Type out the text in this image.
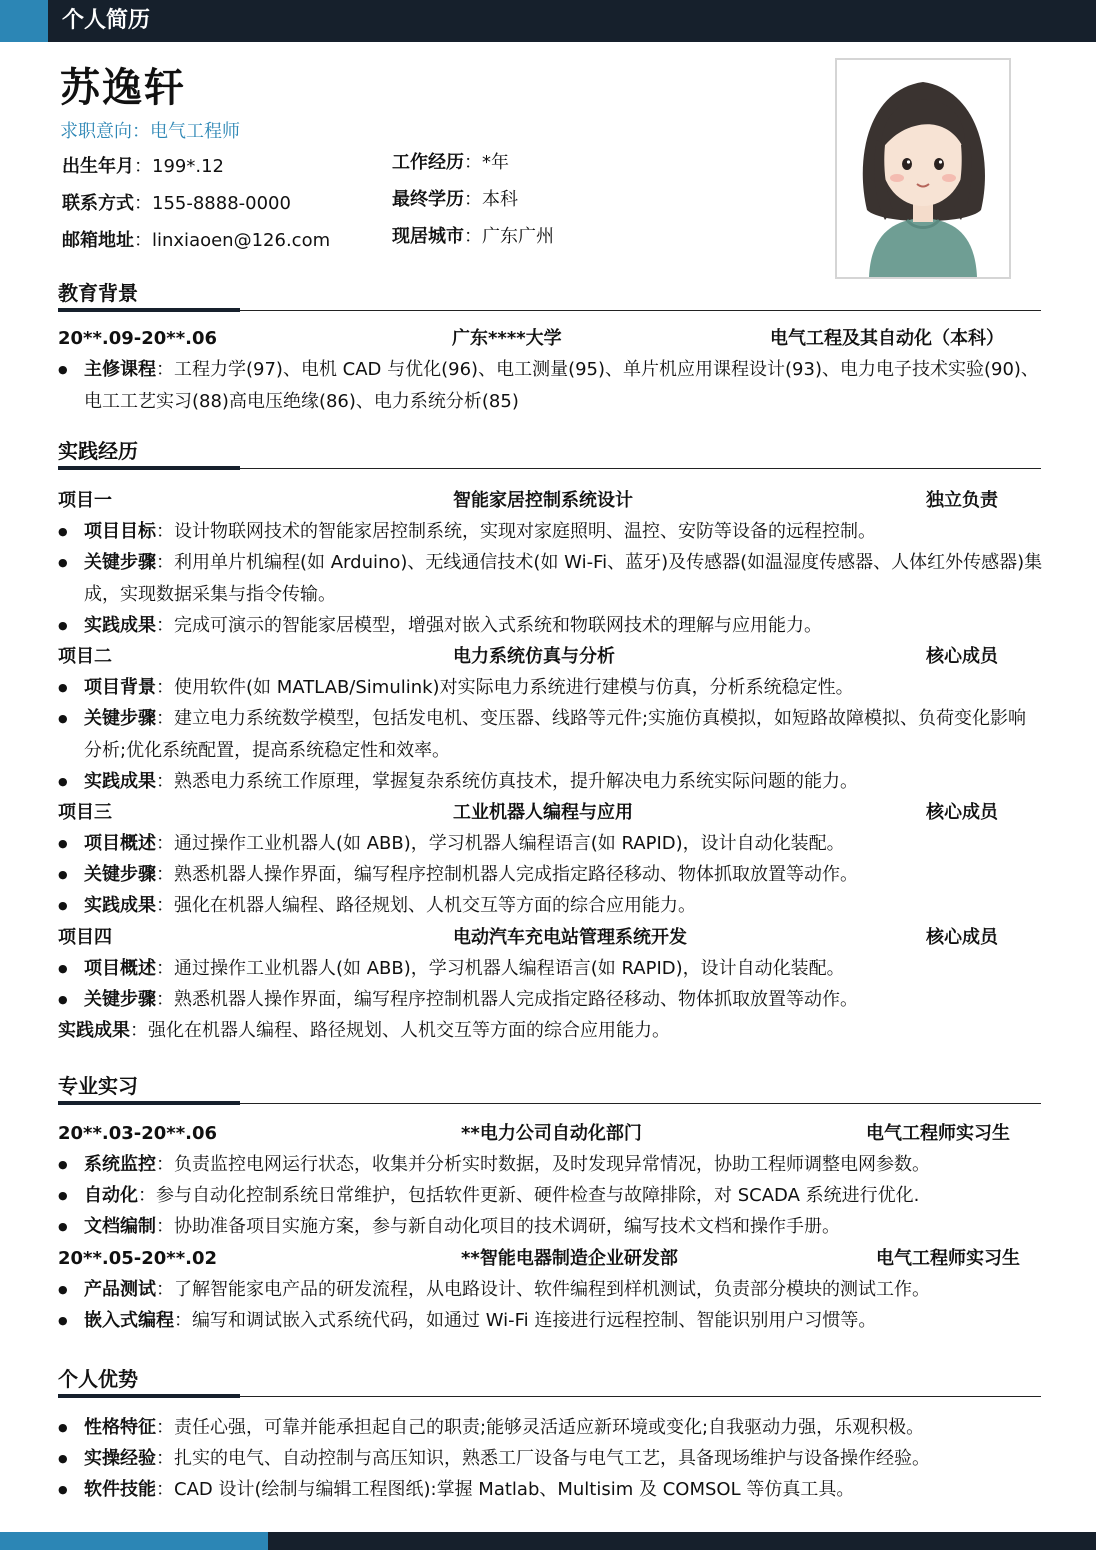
个人简历
苏逸轩
求职意向：电气工程师
出生年月：199*.12
联系方式：155-8888-0000
邮箱地址：linxiaoen@126.com
工作经历：*年
最终学历：本科
现居城市：广东广州
教育背景
20**.09-20**.06	广东****大学	电气工程及其自动化（本科）
● 主修课程：工程力学(97)、电机 CAD 与优化(96)、电工测量(95)、单片机应用课程设计(93)、电力电子技术实验(90)、电工工艺实习(88)高电压绝缘(86)、电力系统分析(85)
实践经历
项目一	智能家居控制系统设计	独立负责
● 项目目标：设计物联网技术的智能家居控制系统，实现对家庭照明、温控、安防等设备的远程控制。
● 关键步骤：利用单片机编程(如 Arduino)、无线通信技术(如 Wi-Fi、蓝牙)及传感器(如温湿度传感器、人体红外传感器)集成，实现数据采集与指令传输。
● 实践成果：完成可演示的智能家居模型，增强对嵌入式系统和物联网技术的理解与应用能力。
项目二	电力系统仿真与分析	核心成员
● 项目背景：使用软件(如 MATLAB/Simulink)对实际电力系统进行建模与仿真，分析系统稳定性。
● 关键步骤：建立电力系统数学模型，包括发电机、变压器、线路等元件;实施仿真模拟，如短路故障模拟、负荷变化影响分析;优化系统配置，提高系统稳定性和效率。
● 实践成果：熟悉电力系统工作原理，掌握复杂系统仿真技术，提升解决电力系统实际问题的能力。
项目三	工业机器人编程与应用	核心成员
● 项目概述：通过操作工业机器人(如 ABB)，学习机器人编程语言(如 RAPID)，设计自动化装配。
● 关键步骤：熟悉机器人操作界面，编写程序控制机器人完成指定路径移动、物体抓取放置等动作。
● 实践成果：强化在机器人编程、路径规划、人机交互等方面的综合应用能力。
项目四	电动汽车充电站管理系统开发	核心成员
● 项目概述：通过操作工业机器人(如 ABB)，学习机器人编程语言(如 RAPID)，设计自动化装配。
● 关键步骤：熟悉机器人操作界面，编写程序控制机器人完成指定路径移动、物体抓取放置等动作。
实践成果：强化在机器人编程、路径规划、人机交互等方面的综合应用能力。
专业实习
20**.03-20**.06	**电力公司自动化部门	电气工程师实习生
● 系统监控：负责监控电网运行状态，收集并分析实时数据，及时发现异常情况，协助工程师调整电网参数。
● 自动化：参与自动化控制系统日常维护，包括软件更新、硬件检查与故障排除，对 SCADA 系统进行优化.
● 文档编制：协助准备项目实施方案，参与新自动化项目的技术调研，编写技术文档和操作手册。
20**.05-20**.02	**智能电器制造企业研发部	电气工程师实习生
● 产品测试：了解智能家电产品的研发流程，从电路设计、软件编程到样机测试，负责部分模块的测试工作。
● 嵌入式编程：编写和调试嵌入式系统代码，如通过 Wi-Fi 连接进行远程控制、智能识别用户习惯等。
个人优势
● 性格特征：责任心强，可靠并能承担起自己的职责;能够灵活适应新环境或变化;自我驱动力强，乐观积极。
● 实操经验：扎实的电气、自动控制与高压知识，熟悉工厂设备与电气工艺，具备现场维护与设备操作经验。
● 软件技能：CAD 设计(绘制与编辑工程图纸):掌握 Matlab、Multisim 及 COMSOL 等仿真工具。
